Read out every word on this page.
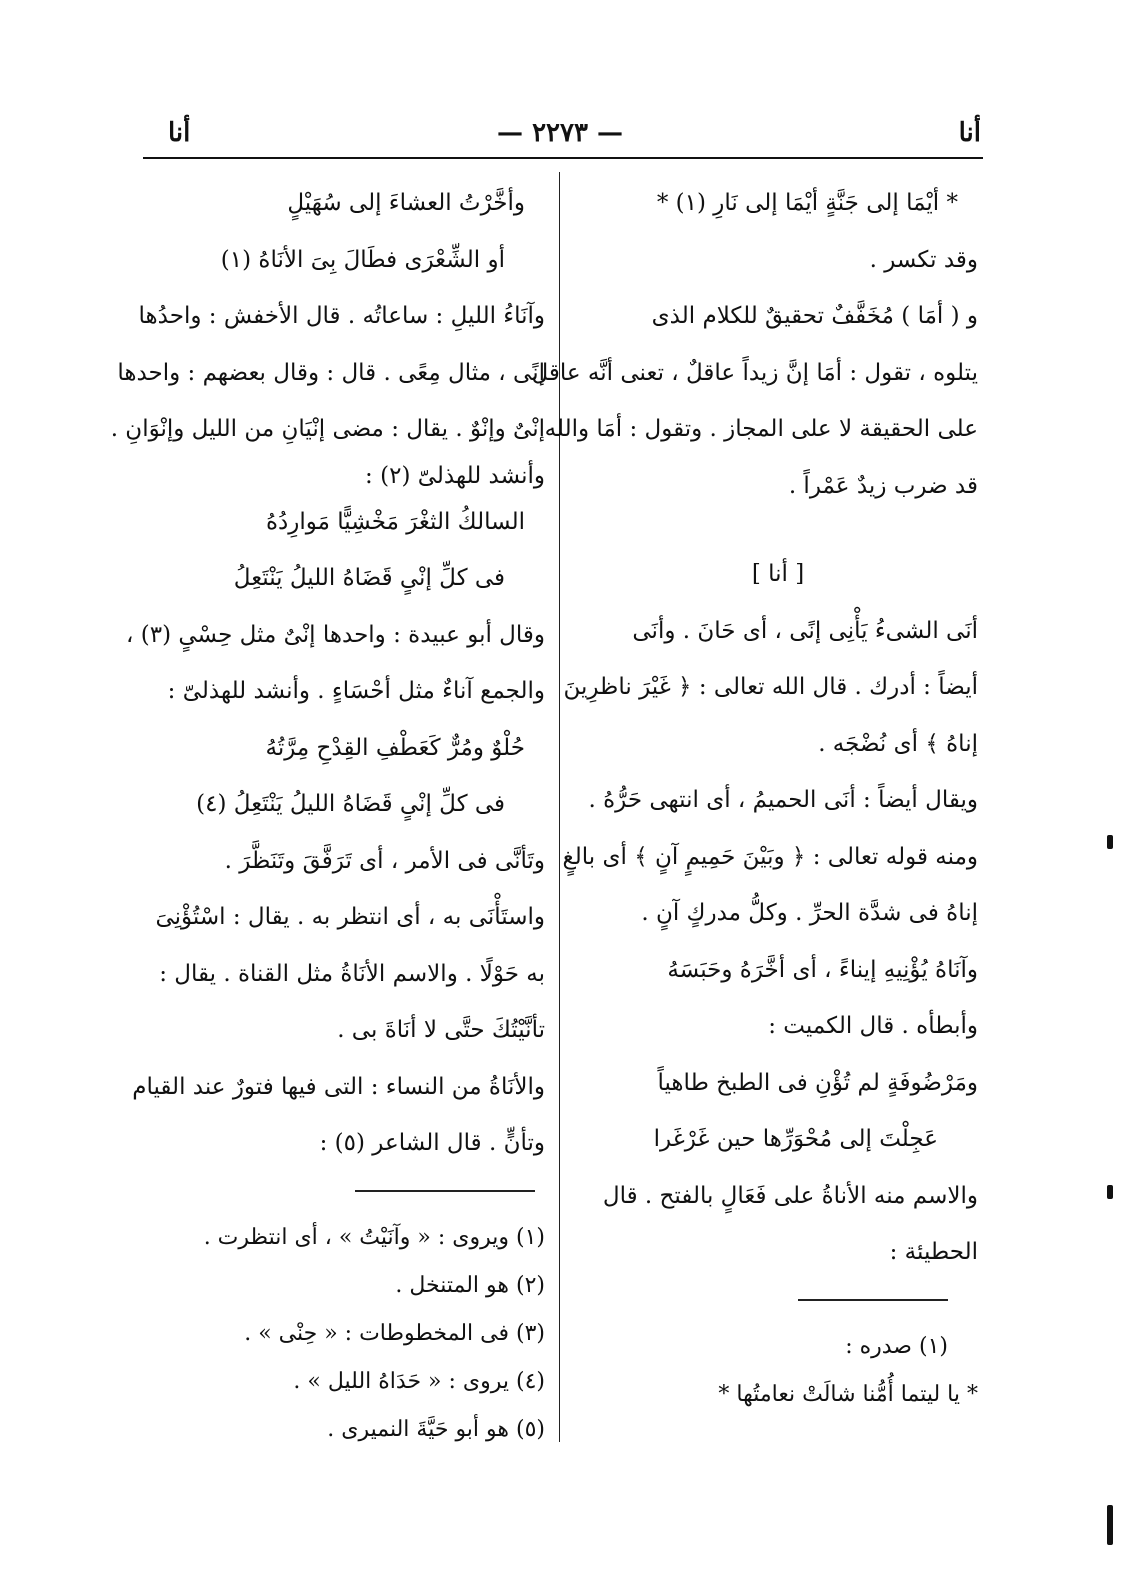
أنا
— ٢٢٧٣ —
أنا
* أيْمَا إلى جَنَّةٍ أيْمَا إلى نَارِ (١) *
وقد تكسر .
و ( أمَا ) مُخَفَّفٌ تحقيقٌ للكلام الذى
يتلوه ، تقول : أمَا إنَّ زيداً عاقلٌ ، تعنى أنَّه عاقل
على الحقيقة لا على المجاز . وتقول : أمَا والله
قد ضرب زيدٌ عَمْراً .
[ أنا ]
أنَى الشىءُ يَأْنِى إنًى ، أى حَانَ . وأنَى
أيضاً : أدرك . قال الله تعالى : ﴿ غَيْرَ ناظرِينَ
إناهُ ﴾ أى نُضْجَه .
ويقال أيضاً : أنَى الحميمُ ، أى انتهى حَرُّهُ .
ومنه قوله تعالى : ﴿ وبَيْنَ حَمِيمٍ آنٍ ﴾ أى بالغٍ
إناهُ فى شدَّة الحرِّ . وكلُّ مدركٍ آنٍ .
وآنَاهُ يُؤْنِيهِ إيناءً ، أى أخَّرَهُ وحَبَسَهُ
وأبطأه . قال الكميت :
ومَرْضُوفَةٍ لم تُؤْنِ فى الطبخ طاهياً
عَجِلْتَ إلى مُحْوَرِّها حين غَرْغَرا
والاسم منه الأناةُ على فَعَالٍ بالفتح . قال
الحطيئة :
(١) صدره :
* يا ليتما أُمُّنا شالَتْ نعامتُها *
وأخَّرْتُ العشاءَ إلى سُهَيْلٍ
أو الشِّعْرَى فطَالَ بِىَ الأنَاهُ (١)
وآنَاءُ الليلِ : ساعاتُه . قال الأخفش : واحدُها
إنًى ، مثال مِعًى . قال : وقال بعضهم : واحدها
إنْىٌ وإنْوٌ . يقال : مضى إنْيَانِ من الليل وإنْوَانِ .
وأنشد للهذلىّ (٢) :
السالكُ الثغْرَ مَخْشِيًّا مَوارِدُهُ
فى كلِّ إنْىٍ قَضَاهُ الليلُ يَنْتَعِلُ
وقال أبو عبيدة : واحدها إنْىٌ مثل حِسْىٍ (٣) ،
والجمع آناءٌ مثل أحْسَاءٍ . وأنشد للهذلىّ :
حُلْوٌ ومُرٌّ كَعَطْفِ القِدْحِ مِرَّتُهُ
فى كلِّ إنْىٍ قَضَاهُ الليلُ يَنْتَعِلُ (٤)
وتَأنَّى فى الأمر ، أى تَرَفَّقَ وتَنَظَّرَ .
واستَأْنَى به ، أى انتظر به . يقال : اسْتُؤْنِىَ
به حَوْلًا . والاسم الأنَاةُ مثل القناة . يقال :
تأنَّيْتُكَ حتَّى لا أنَاةَ بى .
والأنَاةُ من النساء : التى فيها فتورٌ عند القيام
وتأنٍّ . قال الشاعر (٥) :
(١) ويروى : « وآنَيْتُ » ، أى انتظرت .
(٢) هو المتنخل .
(٣) فى المخطوطات : « حِنْى » .
(٤) يروى : « حَدَاهُ الليل » .
(٥) هو أبو حَيَّةَ النميرى .
